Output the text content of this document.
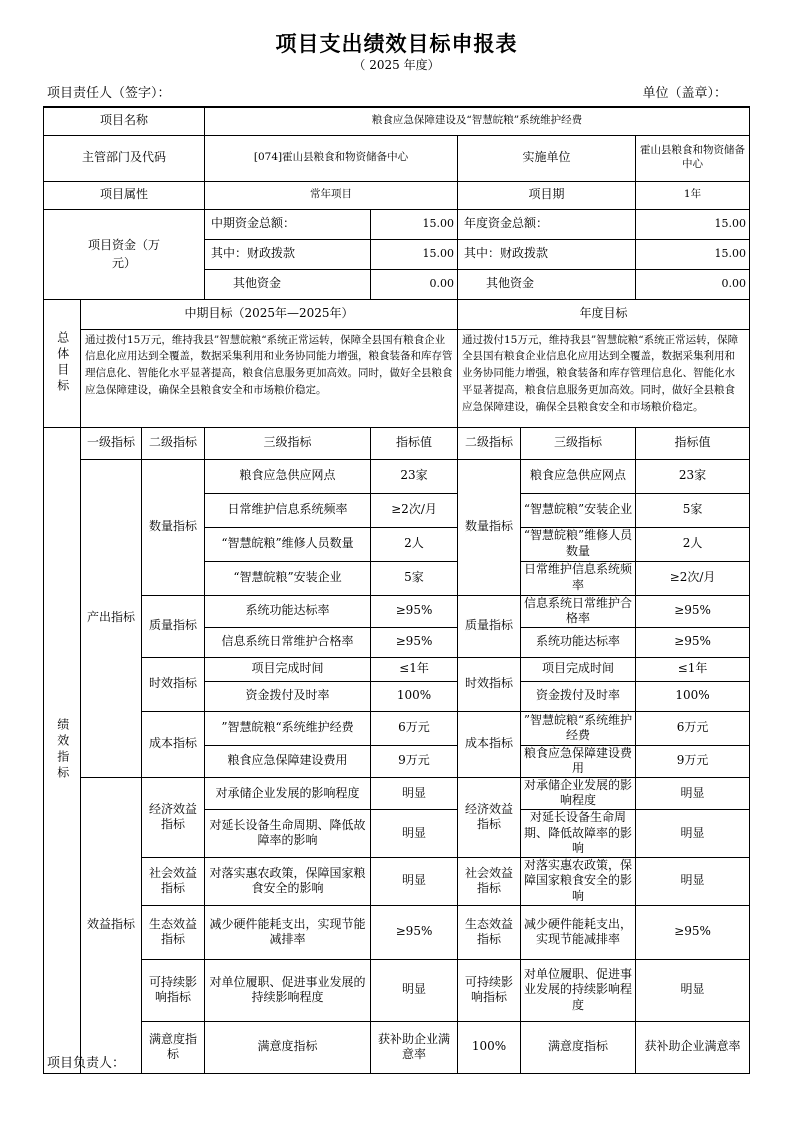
项目支出绩效目标申报表
（ 2025 年度）
项目责任人（签字）：	单位（盖章）：
项目名称			粮食应急保障建设及“智慧皖粮”系统维护经费					
主管部门及代码			[074]霍山县粮食和物资储备中心		实施单位		霍山县粮食和物资储备中心	
项目属性			常年项目		项目期		1年	

项目资金（万元）			中期资金总额：	15.00	年度资金总额：		15.00	
			其中：财政拨款	15.00	其中：财政拨款		15.00	
			其他资金	0.00	其他资金		0.00	

总体目标	中期目标（2025年—2025年）				年度目标			
	通过拨付15万元，维持我县”智慧皖粮“系统正常运转，保障全县国有粮食企业信息化应用达到全覆盖，数据采集利用和业务协同能力增强，粮食装备和库存管理信息化、智能化水平显著提高，粮食信息服务更加高效。同时，做好全县粮食应急保障建设，确保全县粮食安全和市场粮价稳定。				通过拨付15万元，维持我县”智慧皖粮“系统正常运转，保障全县国有粮食企业信息化应用达到全覆盖，数据采集利用和业务协同能力增强，粮食装备和库存管理信息化、智能化水平显著提高，粮食信息服务更加高效。同时，做好全县粮食应急保障建设，确保全县粮食安全和市场粮价稳定。			

绩效指标	一级指标	二级指标	三级指标	指标值	二级指标	三级指标	指标值	
	产出指标	数量指标	粮食应急供应网点	23家	数量指标	粮食应急供应网点	23家	
			日常维护信息系统频率	≥2次/月		“智慧皖粮”安装企业	5家	
			“智慧皖粮”维修人员数量	2人		“智慧皖粮”维修人员数量	2人	
			“智慧皖粮”安装企业	5家		日常维护信息系统频率	≥2次/月	
		质量指标	系统功能达标率	≥95%	质量指标	信息系统日常维护合格率	≥95%	
			信息系统日常维护合格率	≥95%		系统功能达标率	≥95%	
		时效指标	项目完成时间	≤1年	时效指标	项目完成时间	≤1年	
			资金拨付及时率	100%		资金拨付及时率	100%	
		成本指标	”智慧皖粮“系统维护经费	6万元	成本指标	”智慧皖粮“系统维护经费	6万元	
			粮食应急保障建设费用	9万元		粮食应急保障建设费用	9万元	
	效益指标	经济效益指标	对承储企业发展的影响程度	明显	经济效益指标	对承储企业发展的影响程度	明显	
			对延长设备生命周期、降低故障率的影响	明显		对延长设备生命周期、降低故障率的影响	明显	
		社会效益指标	对落实惠农政策，保障国家粮食安全的影响	明显	社会效益指标	对落实惠农政策，保障国家粮食安全的影响	明显	
		生态效益指标	减少硬件能耗支出，实现节能减排率	≥95%	生态效益指标	减少硬件能耗支出，实现节能减排率	≥95%	
		可持续影响指标	对单位履职、促进事业发展的持续影响程度	明显	可持续影响指标	对单位履职、促进事业发展的持续影响程度	明显	
		满意度指标	满意度指标	获补助企业满意率	100%	满意度指标	获补助企业满意率	
项目负责人：
